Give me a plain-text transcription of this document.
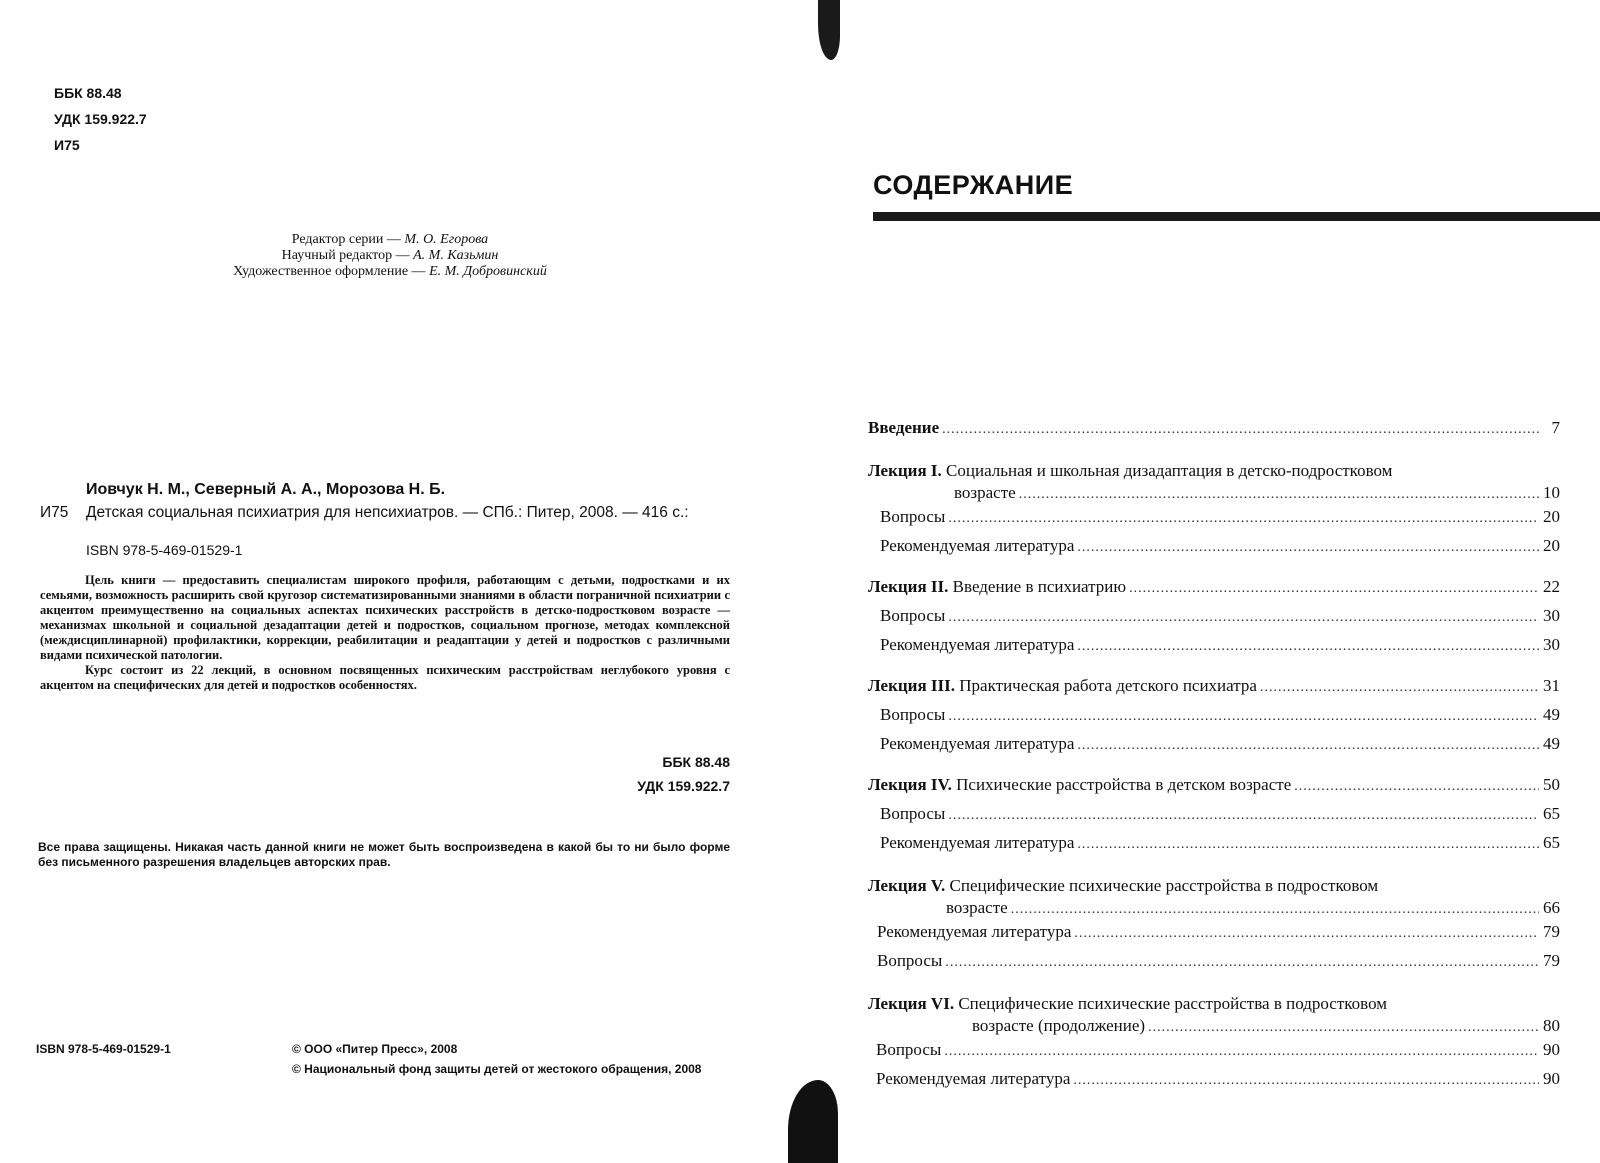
ББК 88.48
УДК 159.922.7
И75
Редактор серии — М. О. Егорова
Научный редактор — А. М. Казьмин
Художественное оформление — Е. М. Добровинский
Иовчук Н. М., Северный А. А., Морозова Н. Б.
И75 Детская социальная психиатрия для непсихиатров. — СПб.: Питер, 2008. — 416 с.:
ISBN 978-5-469-01529-1

Цель книги — предоставить специалистам широкого профиля, работающим с детьми, подростками и их семьями, возможность расширить свой кругозор систематизированными знаниями в области пограничной психиатрии с акцентом преимущественно на социальных аспектах психических расстройств в детско-подростковом возрасте — механизмах школьной и социальной дезадаптации детей и подростков, социальном прогнозе, методах комплексной (междисциплинарной) профилактики, коррекции, реабилитации и реадаптации у детей и подростков с различными видами психической патологии.

Курс состоит из 22 лекций, в основном посвященных психическим расстройствам неглубокого уровня с акцентом на специфических для детей и подростков особенностях.

ББК 88.48
УДК 159.922.7
Все права защищены. Никакая часть данной книги не может быть воспроизведена в какой бы то ни было форме без письменного разрешения владельцев авторских прав.
ISBN 978-5-469-01529-1	© ООО «Питер Пресс», 2008
© Национальный фонд защиты детей от жестокого обращения, 2008
СОДЕРЖАНИЕ
Введение .....	7
Лекция I. Социальная и школьная дизадаптация в детско-подростковом
возрасте .....	10
Вопросы .....	20
Рекомендуемая литература .....	20
Лекция II. Введение в психиатрию .....	22
Вопросы .....	30
Рекомендуемая литература .....	30
Лекция III. Практическая работа детского психиатра .....	31
Вопросы .....	49
Рекомендуемая литература .....	49
Лекция IV. Психические расстройства в детском возрасте .....	50
Вопросы .....	65
Рекомендуемая литература .....	65
Лекция V. Специфические психические расстройства в подростковом
возрасте .....	66
Рекомендуемая литература .....	79
Вопросы .....	79
Лекция VI. Специфические психические расстройства в подростковом
возрасте (продолжение) .....	80
Вопросы .....	90
Рекомендуемая литература .....	90
